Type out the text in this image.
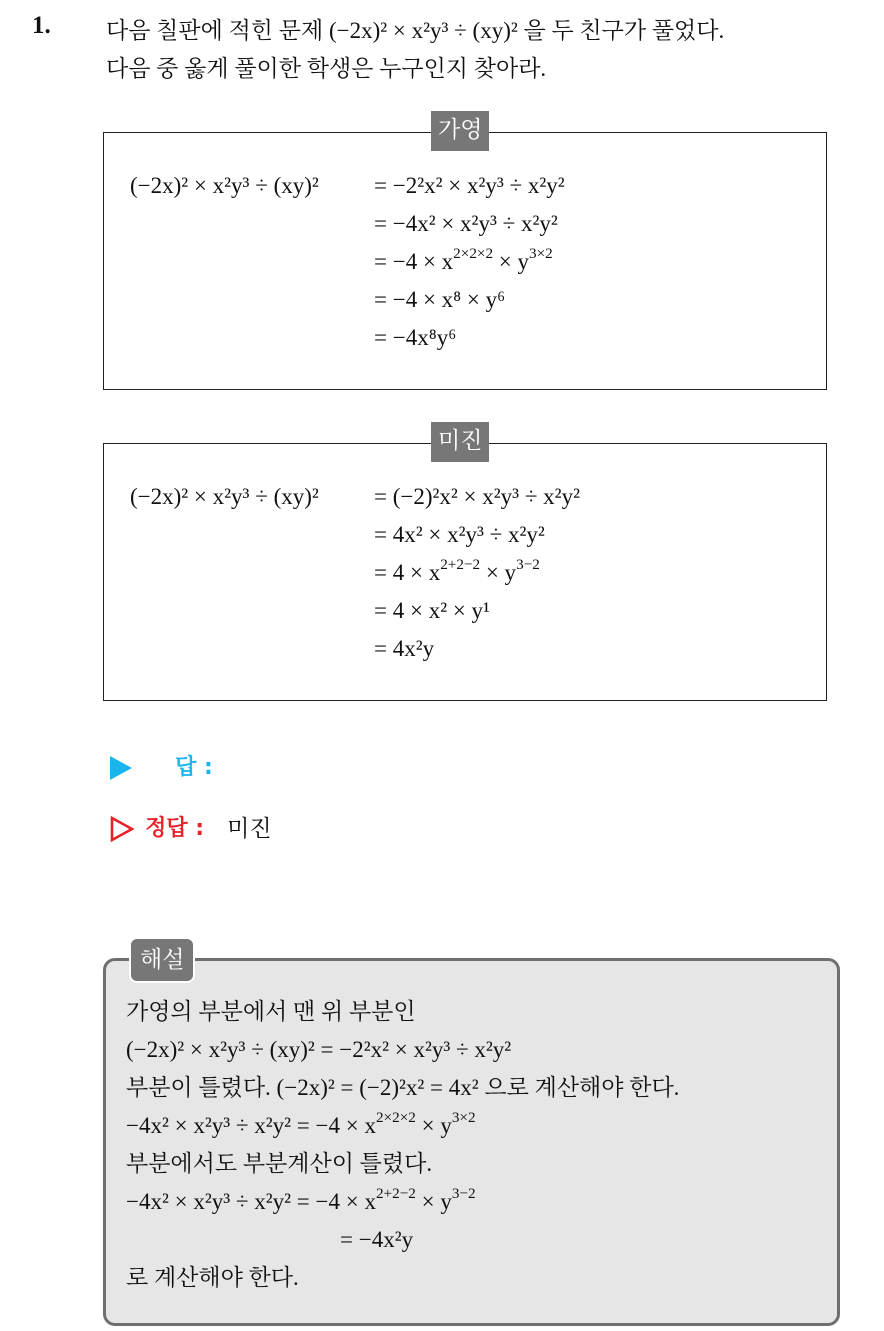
1. 다음 칠판에 적힌 문제 (−2x)² × x²y³ ÷ (xy)² 을 두 친구가 풀었다.
다음 중 옳게 풀이한 학생은 누구인지 찾아라.
가영
(−2x)² × x²y³ ÷ (xy)² = −2²x² × x²y³ ÷ x²y²
= −4x² × x²y³ ÷ x²y²
= $-4 \times x^{2\times 2\times 2} \times y^{3\times 2}$
= −4 × x⁸ × y⁶
= −4x⁸y⁶
미진
(−2x)² × x²y³ ÷ (xy)² = (−2)²x² × x²y³ ÷ x²y²
= 4x² × x²y³ ÷ x²y²
= $4 \times x^{2+2-2} \times y^{3-2}$
= 4 × x² × y¹
= 4x²y
답 :
정답 : 미진
해설
가영의 부분에서 맨 위 부분인
(−2x)² × x²y³ ÷ (xy)² = −2²x² × x²y³ ÷ x²y²
부분이 틀렸다. (−2x)² = (−2)²x² = 4x² 으로 계산해야 한다.
$-4x^2 \times x^2y^3 \div x^2y^2 = -4 \times x^{2\times 2\times 2} \times y^{3\times 2}$
부분에서도 부분계산이 틀렸다.
$-4x^2 \times x^2y^3 \div x^2y^2 = -4 \times x^{2+2-2} \times y^{3-2}$
= −4x²y
로 계산해야 한다.
